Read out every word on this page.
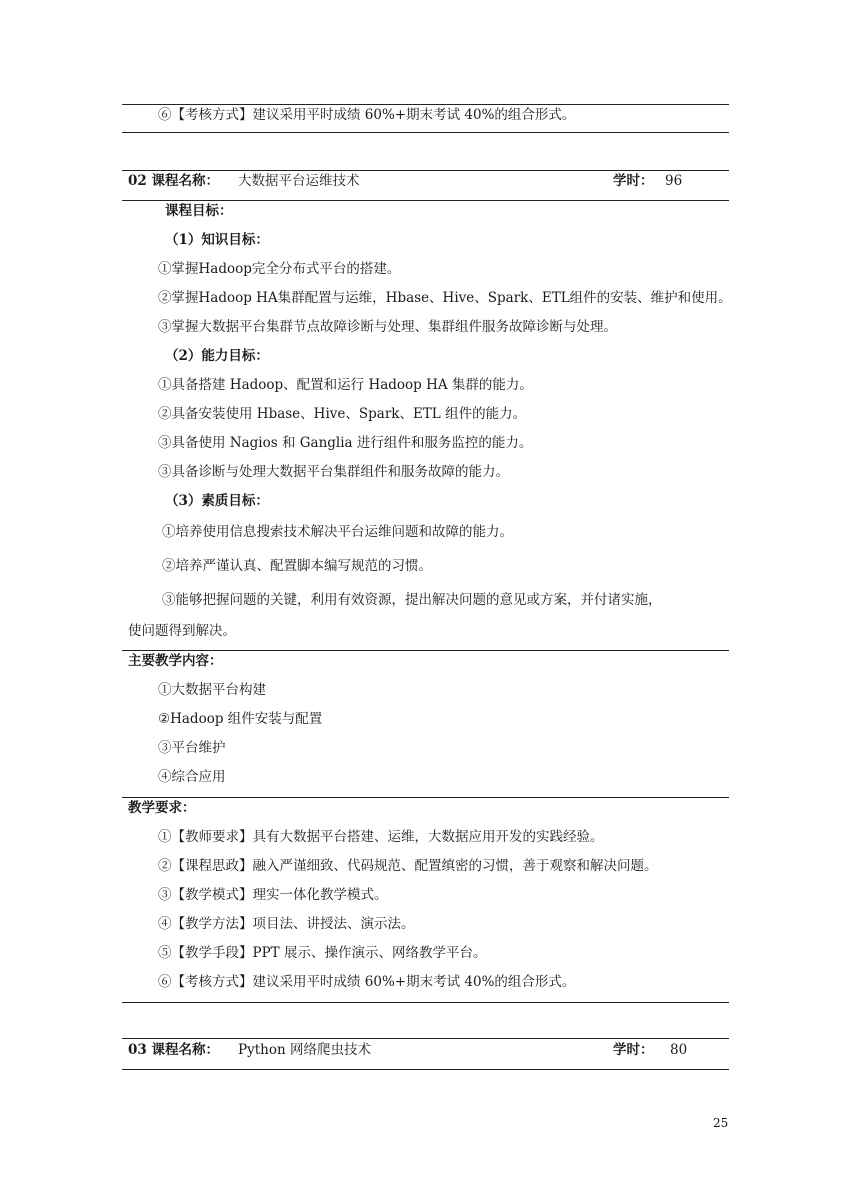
⑥【考核方式】建议采用平时成绩 60%+期末考试 40%的组合形式。
02 课程名称： 大数据平台运维技术	学时： 96
课程目标：
（1）知识目标：
①掌握Hadoop完全分布式平台的搭建。
②掌握Hadoop HA集群配置与运维，Hbase、Hive、Spark、ETL组件的安装、维护和使用。
③掌握大数据平台集群节点故障诊断与处理、集群组件服务故障诊断与处理。
（2）能力目标：
①具备搭建 Hadoop、配置和运行 Hadoop HA 集群的能力。
②具备安装使用 Hbase、Hive、Spark、ETL 组件的能力。
③具备使用 Nagios 和 Ganglia 进行组件和服务监控的能力。
③具备诊断与处理大数据平台集群组件和服务故障的能力。
（3）素质目标：
①培养使用信息搜索技术解决平台运维问题和故障的能力。
②培养严谨认真、配置脚本编写规范的习惯。
③能够把握问题的关键，利用有效资源，提出解决问题的意见或方案，并付诸实施，
使问题得到解决。
主要教学内容：
①大数据平台构建
②Hadoop 组件安装与配置
③平台维护
④综合应用
教学要求：
①【教师要求】具有大数据平台搭建、运维，大数据应用开发的实践经验。
②【课程思政】融入严谨细致、代码规范、配置缜密的习惯，善于观察和解决问题。
③【教学模式】理实一体化教学模式。
④【教学方法】项目法、讲授法、演示法。
⑤【教学手段】PPT 展示、操作演示、网络教学平台。
⑥【考核方式】建议采用平时成绩 60%+期末考试 40%的组合形式。
03 课程名称： Python 网络爬虫技术	学时： 80
25
